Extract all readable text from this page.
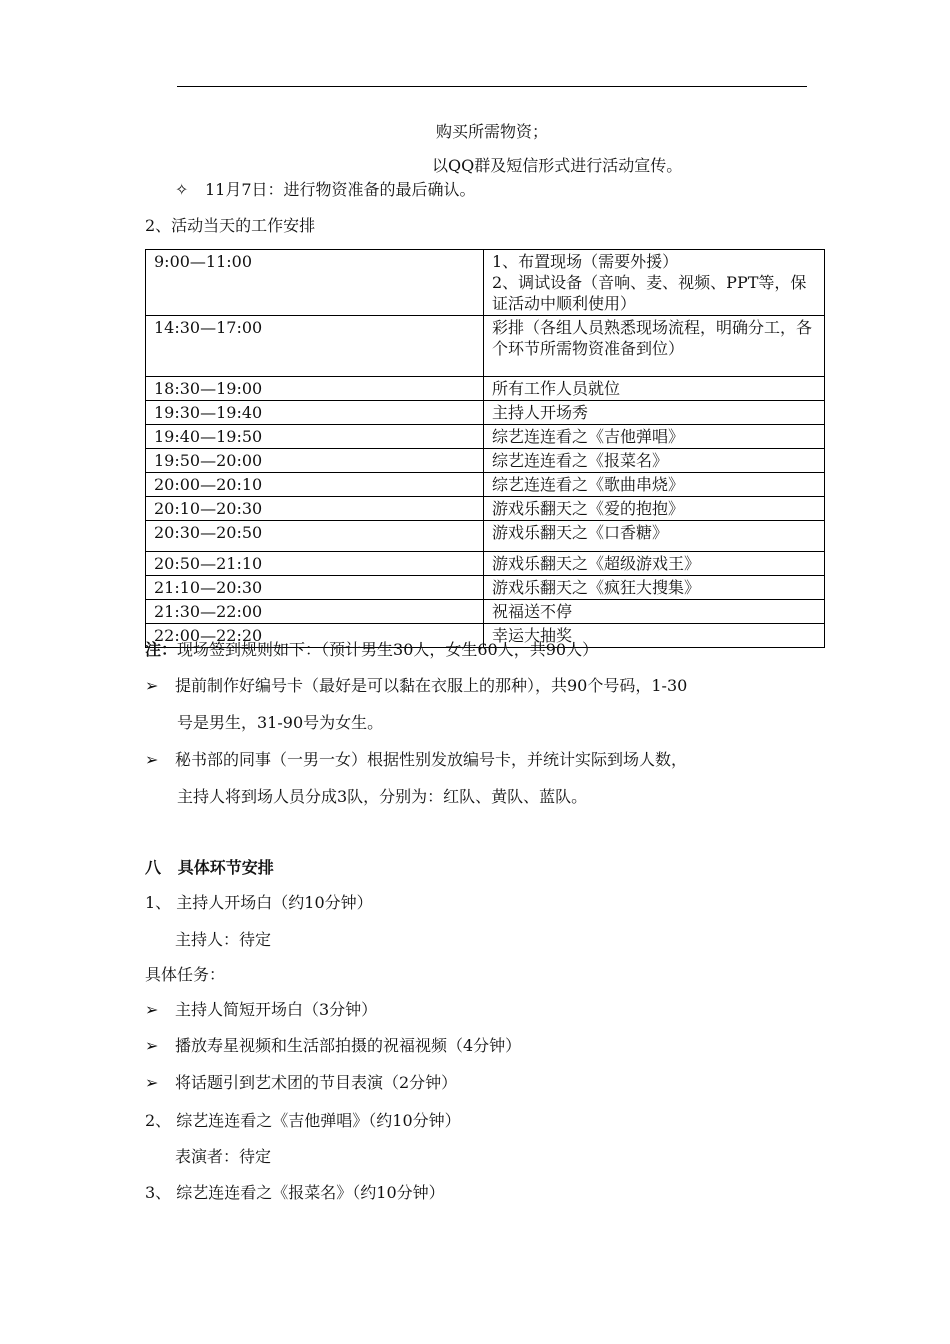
购买所需物资；
以QQ群及短信形式进行活动宣传。
✧ 11月7日：进行物资准备的最后确认。
2、活动当天的工作安排
9:00—11:00	1、布置现场（需要外援）
2、调试设备（音响、麦、视频、PPT等，保证活动中顺利使用）

14:30—17:00	彩排（各组人员熟悉现场流程，明确分工，各个环节所需物资准备到位）
18:30—19:00	所有工作人员就位
19:30—19:40	主持人开场秀
19:40—19:50	综艺连连看之《吉他弹唱》
19:50—20:00	综艺连连看之《报菜名》
20:00—20:10	综艺连连看之《歌曲串烧》
20:10—20:30	游戏乐翻天之《爱的抱抱》
20:30—20:50	游戏乐翻天之《口香糖》
20:50—21:10	游戏乐翻天之《超级游戏王》
21:10—20:30	游戏乐翻天之《疯狂大搜集》
21:30—22:00	祝福送不停
22:00—22:20	幸运大抽奖
注：现场签到规则如下：（预计男生30人，女生60人，共90人）
➢ 提前制作好编号卡（最好是可以黏在衣服上的那种），共90个号码，1-30
号是男生，31-90号为女生。
➢ 秘书部的同事（一男一女）根据性别发放编号卡，并统计实际到场人数，
主持人将到场人员分成3队，分别为：红队、黄队、蓝队。
八   具体环节安排
1、 主持人开场白（约10分钟）
主持人：待定
具体任务：
➢ 主持人简短开场白（3分钟）
➢ 播放寿星视频和生活部拍摄的祝福视频（4分钟）
➢ 将话题引到艺术团的节目表演（2分钟）
2、 综艺连连看之《吉他弹唱》（约10分钟）
表演者：待定
3、 综艺连连看之《报菜名》（约10分钟）
